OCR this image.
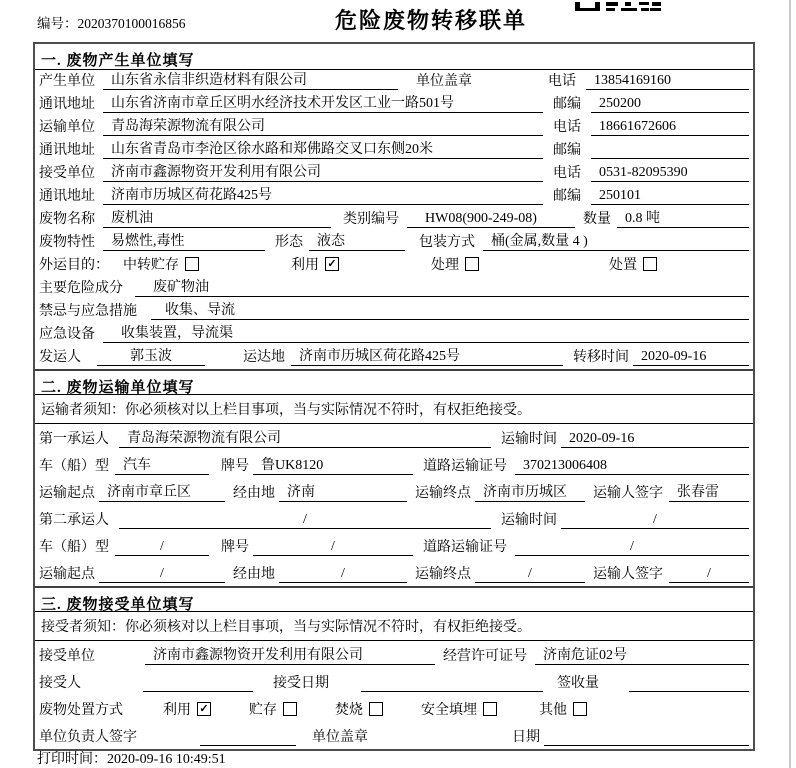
编号：2020370100016856	危险废物转移联单
一. 废物产生单位填写
产生单位	山东省永信非织造材料有限公司	单位盖章	电话	13854169160
通讯地址	山东省济南市章丘区明水经济技术开发区工业一路501号	邮编	250200
运输单位	青岛海荣源物流有限公司	电话	18661672606
通讯地址	山东省青岛市李沧区徐水路和郑佛路交叉口东侧20米	邮编
接受单位	济南市鑫源物资开发利用有限公司	电话	0531-82095390
通讯地址	济南市历城区荷花路425号	邮编	250101
废物名称	废机油	类别编号	HW08(900-249-08)	数量	0.8 吨
废物特性	易燃性,毒性	形态	液态	包装方式	桶(金属,数量 4 )
外运目的： 中转贮存	利用 ✓	处理	处置
主要危险成分	废矿物油
禁忌与应急措施	收集、导流
应急设备	收集装置，导流渠
发运人	郭玉波	运达地	济南市历城区荷花路425号	转移时间 2020-09-16
二. 废物运输单位填写
运输者须知：你必须核对以上栏目事项，当与实际情况不符时，有权拒绝接受。
第一承运人	青岛海荣源物流有限公司	运输时间 2020-09-16
车（船）型	汽车	牌号 鲁UK8120	道路运输证号	370213006408
运输起点 济南市章丘区	经由地 济南	运输终点 济南市历城区	运输人签字	张春雷
第二承运人	/	运输时间	/
车（船）型	/	牌号	/	道路运输证号	/
运输起点	/	经由地	/	运输终点	/	运输人签字	/
三. 废物接受单位填写
接受者须知：你必须核对以上栏目事项，当与实际情况不符时，有权拒绝接受。
接受单位	济南市鑫源物资开发利用有限公司	经营许可证号	济南危证02号
接受人	接受日期	签收量
废物处置方式	利用 ✓	贮存	焚烧	安全填埋	其他
单位负责人签字	单位盖章	日期
打印时间：2020-09-16 10:49:51
